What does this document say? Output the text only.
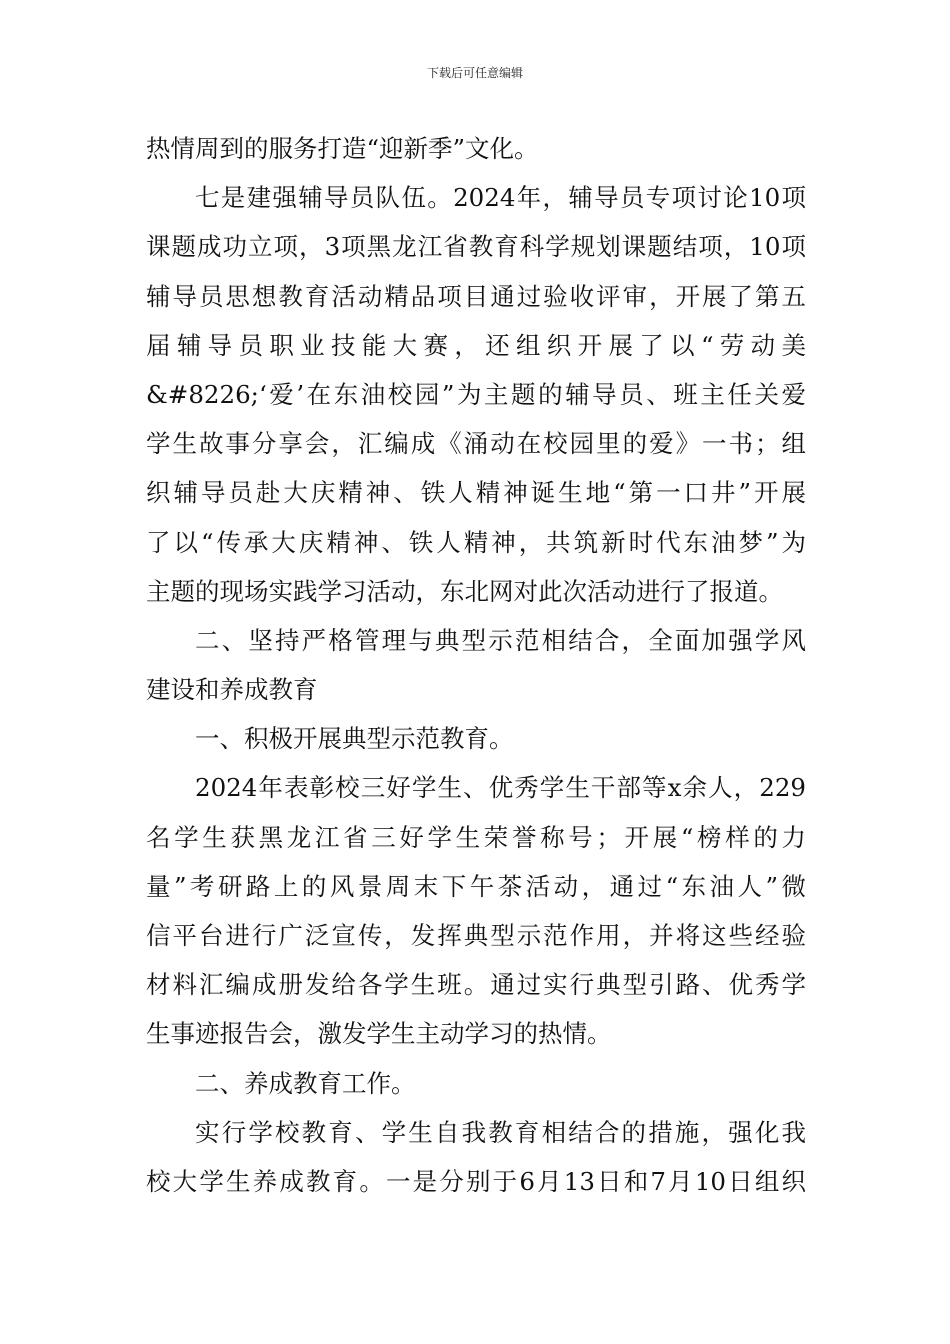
下载后可任意编辑
热情周到的服务打造“迎新季”文化。
七是建强辅导员队伍。2024年，辅导员专项讨论10项
课题成功立项，3项黑龙江省教育科学规划课题结项，10项
辅导员思想教育活动精品项目通过验收评审，开展了第五
届辅导员职业技能大赛，还组织开展了以“劳动美
&#8226;‘爱’在东油校园”为主题的辅导员、班主任关爱
学生故事分享会，汇编成《涌动在校园里的爱》一书；组
织辅导员赴大庆精神、铁人精神诞生地“第一口井”开展
了以“传承大庆精神、铁人精神，共筑新时代东油梦”为
主题的现场实践学习活动，东北网对此次活动进行了报道。
二、坚持严格管理与典型示范相结合，全面加强学风
建设和养成教育
一、积极开展典型示范教育。
2024年表彰校三好学生、优秀学生干部等x余人，229
名学生获黑龙江省三好学生荣誉称号；开展“榜样的力
量”考研路上的风景周末下午茶活动，通过“东油人”微
信平台进行广泛宣传，发挥典型示范作用，并将这些经验
材料汇编成册发给各学生班。通过实行典型引路、优秀学
生事迹报告会，激发学生主动学习的热情。
二、养成教育工作。
实行学校教育、学生自我教育相结合的措施，强化我
校大学生养成教育。一是分别于6月13日和7月10日组织
